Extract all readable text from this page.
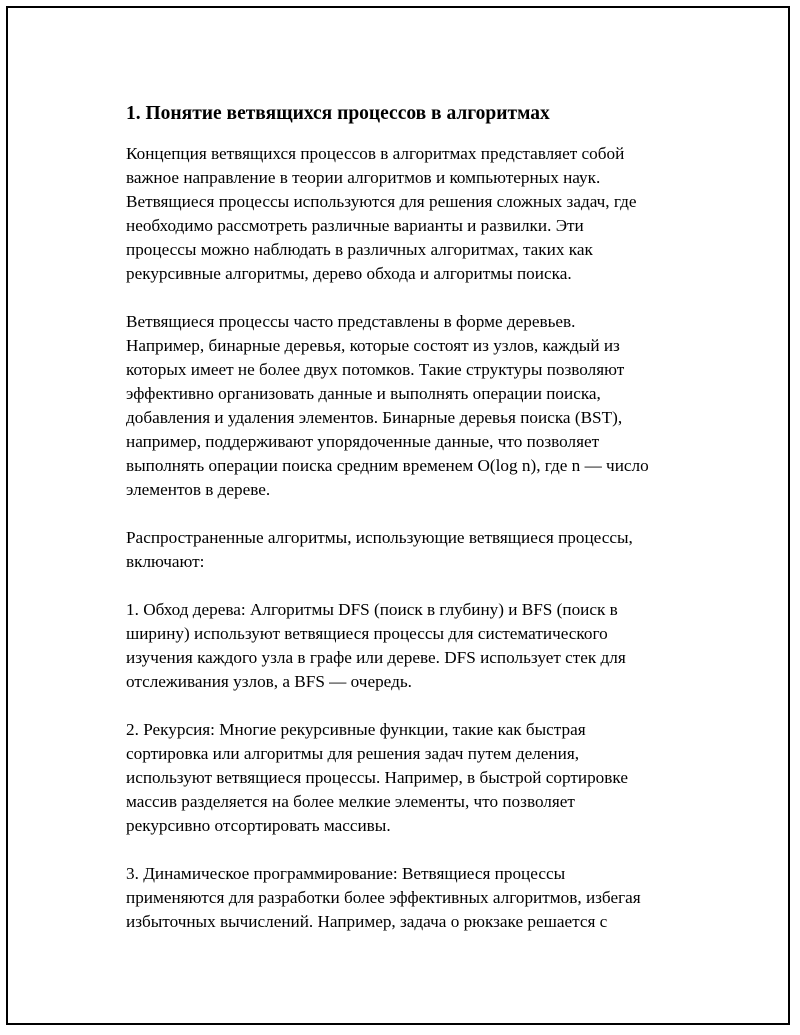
1. Понятие ветвящихся процессов в алгоритмах

Концепция ветвящихся процессов в алгоритмах представляет собой
важное направление в теории алгоритмов и компьютерных наук.
Ветвящиеся процессы используются для решения сложных задач, где
необходимо рассмотреть различные варианты и развилки. Эти
процессы можно наблюдать в различных алгоритмах, таких как
рекурсивные алгоритмы, дерево обхода и алгоритмы поиска.

Ветвящиеся процессы часто представлены в форме деревьев.
Например, бинарные деревья, которые состоят из узлов, каждый из
которых имеет не более двух потомков. Такие структуры позволяют
эффективно организовать данные и выполнять операции поиска,
добавления и удаления элементов. Бинарные деревья поиска (BST),
например, поддерживают упорядоченные данные, что позволяет
выполнять операции поиска средним временем O(log n), где n — число
элементов в дереве.

Распространенные алгоритмы, использующие ветвящиеся процессы,
включают:

1. Обход дерева: Алгоритмы DFS (поиск в глубину) и BFS (поиск в
ширину) используют ветвящиеся процессы для систематического
изучения каждого узла в графе или дереве. DFS использует стек для
отслеживания узлов, а BFS — очередь.

2. Рекурсия: Многие рекурсивные функции, такие как быстрая
сортировка или алгоритмы для решения задач путем деления,
используют ветвящиеся процессы. Например, в быстрой сортировке
массив разделяется на более мелкие элементы, что позволяет
рекурсивно отсортировать массивы.

3. Динамическое программирование: Ветвящиеся процессы
применяются для разработки более эффективных алгоритмов, избегая
избыточных вычислений. Например, задача о рюкзаке решается с
